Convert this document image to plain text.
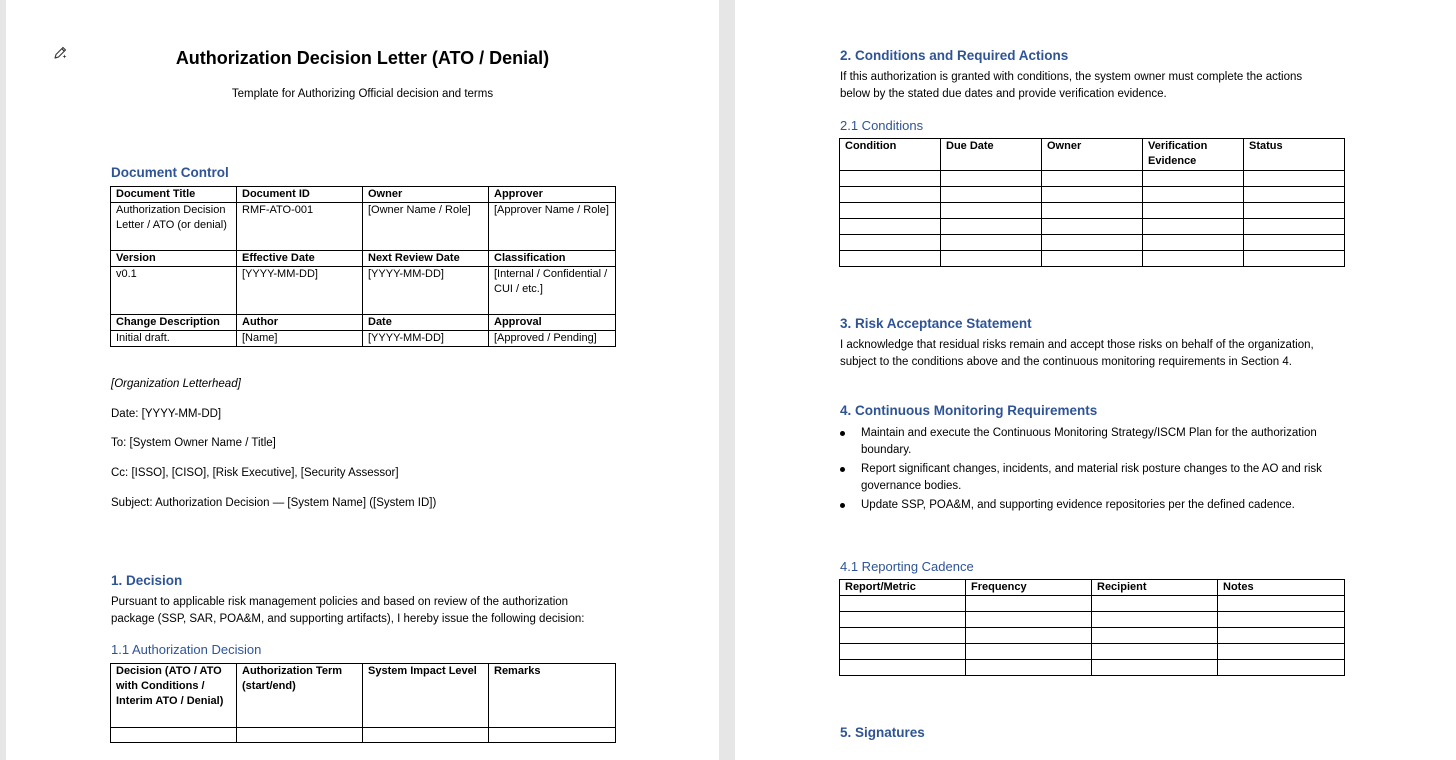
Authorization Decision Letter (ATO / Denial)
Template for Authorizing Official decision and terms
Document Control
Document Title	Document ID	Owner	Approver
Authorization Decision Letter / ATO (or denial)	RMF-ATO-001	[Owner Name / Role]	[Approver Name / Role]
Version	Effective Date	Next Review Date	Classification
v0.1	[YYYY-MM-DD]	[YYYY-MM-DD]	[Internal / Confidential / CUI / etc.]
Change Description	Author	Date	Approval
Initial draft.	[Name]	[YYYY-MM-DD]	[Approved / Pending]
[Organization Letterhead]
Date: [YYYY-MM-DD]
To: [System Owner Name / Title]
Cc: [ISSO], [CISO], [Risk Executive], [Security Assessor]
Subject: Authorization Decision — [System Name] ([System ID])
1. Decision
Pursuant to applicable risk management policies and based on review of the authorization package (SSP, SAR, POA&M, and supporting artifacts), I hereby issue the following decision:
1.1 Authorization Decision
Decision (ATO / ATO with Conditions / Interim ATO / Denial)	Authorization Term (start/end)	System Impact Level	Remarks

2. Conditions and Required Actions
If this authorization is granted with conditions, the system owner must complete the actions below by the stated due dates and provide verification evidence.
2.1 Conditions
Condition	Due Date	Owner	Verification Evidence	Status

3. Risk Acceptance Statement
I acknowledge that residual risks remain and accept those risks on behalf of the organization, subject to the conditions above and the continuous monitoring requirements in Section 4.
4. Continuous Monitoring Requirements
Maintain and execute the Continuous Monitoring Strategy/ISCM Plan for the authorization boundary.
Report significant changes, incidents, and material risk posture changes to the AO and risk governance bodies.
Update SSP, POA&M, and supporting evidence repositories per the defined cadence.
4.1 Reporting Cadence
Report/Metric	Frequency	Recipient	Notes

5. Signatures
